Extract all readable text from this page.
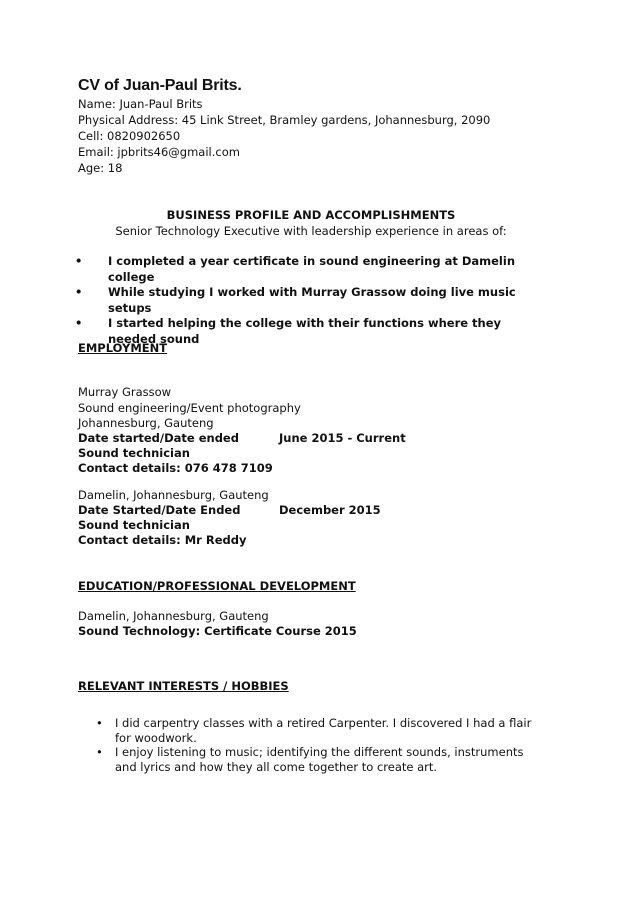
CV of Juan-Paul Brits.
Name: Juan-Paul Brits
Physical Address: 45 Link Street, Bramley gardens, Johannesburg, 2090
Cell: 0820902650
Email: jpbrits46@gmail.com
Age: 18
BUSINESS PROFILE AND ACCOMPLISHMENTS
Senior Technology Executive with leadership experience in areas of:
• I completed a year certificate in sound engineering at Damelin college
• While studying I worked with Murray Grassow doing live music setups
• I started helping the college with their functions where they needed sound
EMPLOYMENT
Murray Grassow
Sound engineering/Event photography
Johannesburg, Gauteng
Date started/Date ended	June 2015 - Current
Sound technician
Contact details: 076 478 7109
Damelin, Johannesburg, Gauteng
Date Started/Date Ended	December 2015
Sound technician
Contact details: Mr Reddy
EDUCATION/PROFESSIONAL DEVELOPMENT
Damelin, Johannesburg, Gauteng
Sound Technology: Certificate Course 2015
RELEVANT INTERESTS / HOBBIES
• I did carpentry classes with a retired Carpenter. I discovered I had a flair for woodwork.
• I enjoy listening to music; identifying the different sounds, instruments and lyrics and how they all come together to create art.
